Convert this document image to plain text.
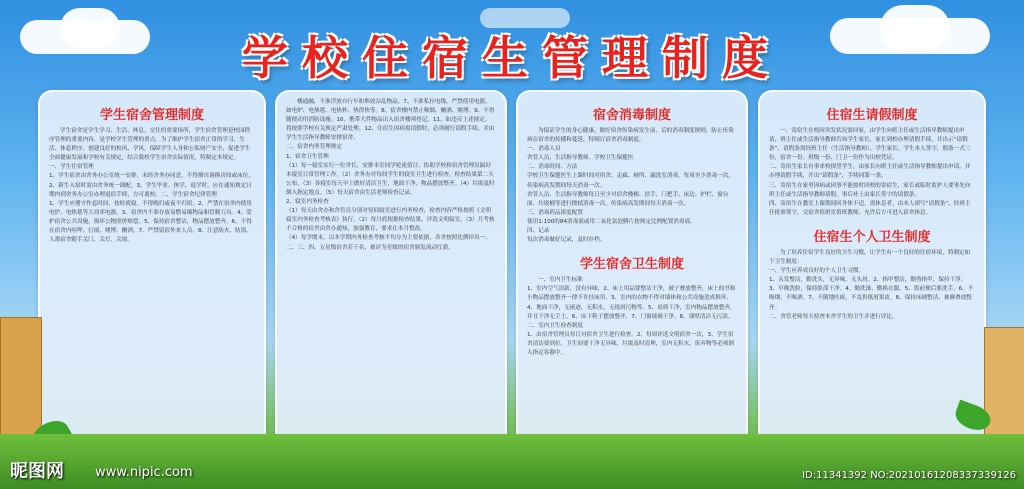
学校住宿生管理制度
学生宿舍管理制度

学生宿舍是学生学习、生活、休息、交往的重要场所，学生宿舍管理是校园秩序管理的重要内容，是学校学生管理的重点。为了维护学生宿舍正常的学习、生活、休息秩序，创建良好的校风、学风，保障学生人身和公私财产安全，促进学生全面健康发展和学校有关规定，结合我校学生宿舍实际情况，特制定本规定。
一、学生住宿管理
1、学生宿舍由舍务办公室统一安排，未经舍务办同意，不得擅自调换房间或床位。2、新生入宿时需由舍务统一调配。3、学生毕业、休学、退学时，应在通知规定日期内到舍务办公室办理退宿手续，方可离校。二、学生宿舍纪律管理
1、学生应遵守作息时间，按时就寝，不得晚归或夜不归宿。2、严禁在宿舍内使用电炉、电热毯等大功率电器。3、宿舍内不准存放易燃易爆物品和管制刀具。4、爱护宿舍公共设施，损坏公物照价赔偿。5、保持宿舍整洁，物品摆放整齐。6、不得在宿舍内喧哗、打闹、赌博、酗酒。7、严禁留宿外来人员。8、注意防火、防盗，人离宿舍随手关门、关灯、关窗。

楼通融，不准浮放自行车和堆放杂乱物品。7、不准私拉电线，严禁使用电器，如电炉、电热毯、电热杯、热得快等。8、宿舍楼内禁止吸烟、酗酒、赌博。9、不得随便动用消防设施。10、携带大件物品出入宿舍楼须登记。11、如违反上述规定，将按照学校有关规定严肃处理。12、住宿生因病需请假时，必须履行请假手续，并由学生生活指导教师安排宿舍。
二、宿舍内务管理规定
1、宿舍卫生管理
（1）每一寝室实行一位舍长，安排本室同学轮流值日，协助学校和宿舍管理员搞好本寝室日常管理工作。（2）舍务办对每间学生的寝室卫生进行检查，检查结果第二天公布。（3）各寝室每天早上做好清洁卫生，地面干净，物品摆放整齐。（4）垃圾及时倒入指定地点。（5）每天宿舍由生活老师检查记录。
2、寝室内务检查
（1）每天由舍办和舍管员分别对每间寝室进行内务检查，检查内容严格按照《文明寝室内务检查考核表》执行。（2）每月底根据检查结果，评选文明寝室。（3）月考核不合格的宿舍由舍办通知，加强教育，要求在本月整改。
（4）每学期末，以本学期内务检查考核平均分为主要依据，各舍按照比例评出一、二、三、四、五星级宿舍若干名，被评为星级的宿舍颁发流动红旗。

宿舍消毒制度

为保证学生的身心健康，做好宿舍传染病发生前、后的消毒制度规则，防止传染病在宿舍的传播和蔓延，特制订宿舍消毒制度。
一、消毒人员
舍管人员、生活指导教师、学校卫生保健医
二、消毒时间、方法
学校卫生保健医生上课时间对宿舍、走廊、厕所、漏洗室消毒，每周至少消毒一次，传染病高发期间每天消毒一次。
舍管人员、生活指导教师每日至少对宿舍楼梯、扶手、门把手、床边、护栏、窗台面、垃圾桶等进行擦拭消毒一次。传染病高发期间每天消毒一次。
三、消毒药品浓度配置
使用1:100的84消毒液或用二氧化氯泡腾片按规定比例配置消毒液。
四、记录
每次消毒做好记录，及时存档。

学生宿舍卫生制度

一、室内卫生标准
1、室内空气清新，没有异味，2、床上用品要整洁干净，被子叠放整齐，床上的书和小物品摆放整齐一律不许挂床帘，3、室内的衣物不得对墙体和公共设施造成损坏，4、地面干净，无痰迹，无积水，无纸屑污物等。5、桌椅干净，室内物品摆放整齐，并且干净无尘土，6、床下鞋子摆放整齐，7、门窗玻璃干净，8、墙壁清洁无污渍。
二、室内卫生检查制度
1、由宿舍管理员每日对宿舍卫生进行检查。2、每周评选文明宿舍一次，3、学生宿舍清洁要到位，卫生间要干净无异味，垃圾及时清理，室内无积水，废弃物等必须倒入指定容器中。

住宿生请假制度

一、寄宿生在校因突发状况需回家，由学生向班主任或生活指导教师提出申请，班主任或生活指导教师告知学生家长，家长到校办理请假手续，并出示“请假条”，请假条需经班主任（生活指导教师）、学生家长、学生本人签字，假条一式三份，宿舍一份、班级一份、门卫一份作为出校凭证。
二、寄宿生家长有事来校探望学生，由家长向班主任或生活指导教师提出申请，并办理请假手续，开出“请假条”，手续同第一条。
三、寄宿生在家里因病或因事不能按时回校的寄宿生，家长或临时监护人要事先向班主任或生活指导教师请假，事后补上由家长签字的请假条。
四、寄宿生在教室上课期间回身体不适，需休息者，由本人填写“请假条”，经班主任批准签字，交宿舍值班室值班教师，允许后方可进入宿舍休息。

住宿生个人卫生制度

为了培养住宿学生良好的卫生习惯，让学生有一个良好的住宿环境，特制定如下卫生制度：
一、学生应养成良好的个人卫生习惯。
1、头发整洁，勤洗头，无异味，无头屑。2、指甲整洁，勤剪指甲，保持干净。3、早晚洗脸，保持脸部干净。4、勤洗澡，勤换衣服。5、饭前便后要洗手。6、不吸烟，不喝酒。7、不随地吐痰，不乱扔纸屑果皮。8、保持床铺整洁，被褥叠放整齐。
二、舍管老师每天检查本舍学生的卫生并进行评比。

昵图网 www.nipic.com	ID:11341392 NO:20210161208337339126
